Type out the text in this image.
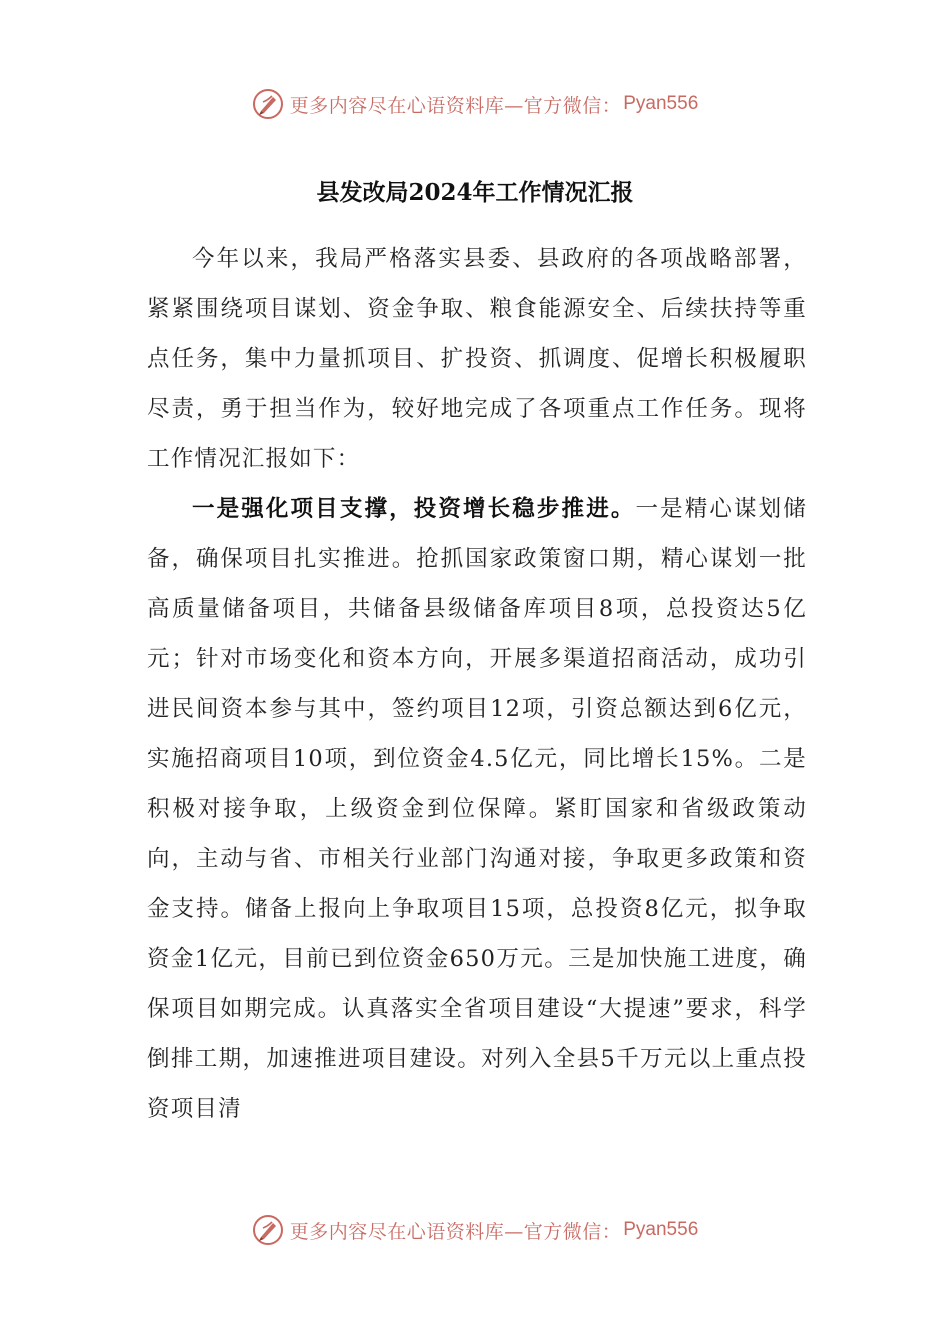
更多内容尽在心语资料库—官方微信： Pyan556
县发改局2024年工作情况汇报

今年以来，我局严格落实县委、县政府的各项战略部署，紧紧围绕项目谋划、资金争取、粮食能源安全、后续扶持等重点任务，集中力量抓项目、扩投资、抓调度、促增长积极履职尽责，勇于担当作为，较好地完成了各项重点工作任务。现将工作情况汇报如下：

一是强化项目支撑，投资增长稳步推进。一是精心谋划储备，确保项目扎实推进。抢抓国家政策窗口期，精心谋划一批高质量储备项目，共储备县级储备库项目8项，总投资达5亿元；针对市场变化和资本方向，开展多渠道招商活动，成功引进民间资本参与其中，签约项目12项，引资总额达到6亿元，实施招商项目10项，到位资金4.5亿元，同比增长15%。二是积极对接争取，上级资金到位保障。紧盯国家和省级政策动向，主动与省、市相关行业部门沟通对接，争取更多政策和资金支持。储备上报向上争取项目15项，总投资8亿元，拟争取资金1亿元，目前已到位资金650万元。三是加快施工进度，确保项目如期完成。认真落实全省项目建设“大提速”要求，科学倒排工期，加速推进项目建设。对列入全县5千万元以上重点投资项目清

更多内容尽在心语资料库—官方微信： Pyan556
